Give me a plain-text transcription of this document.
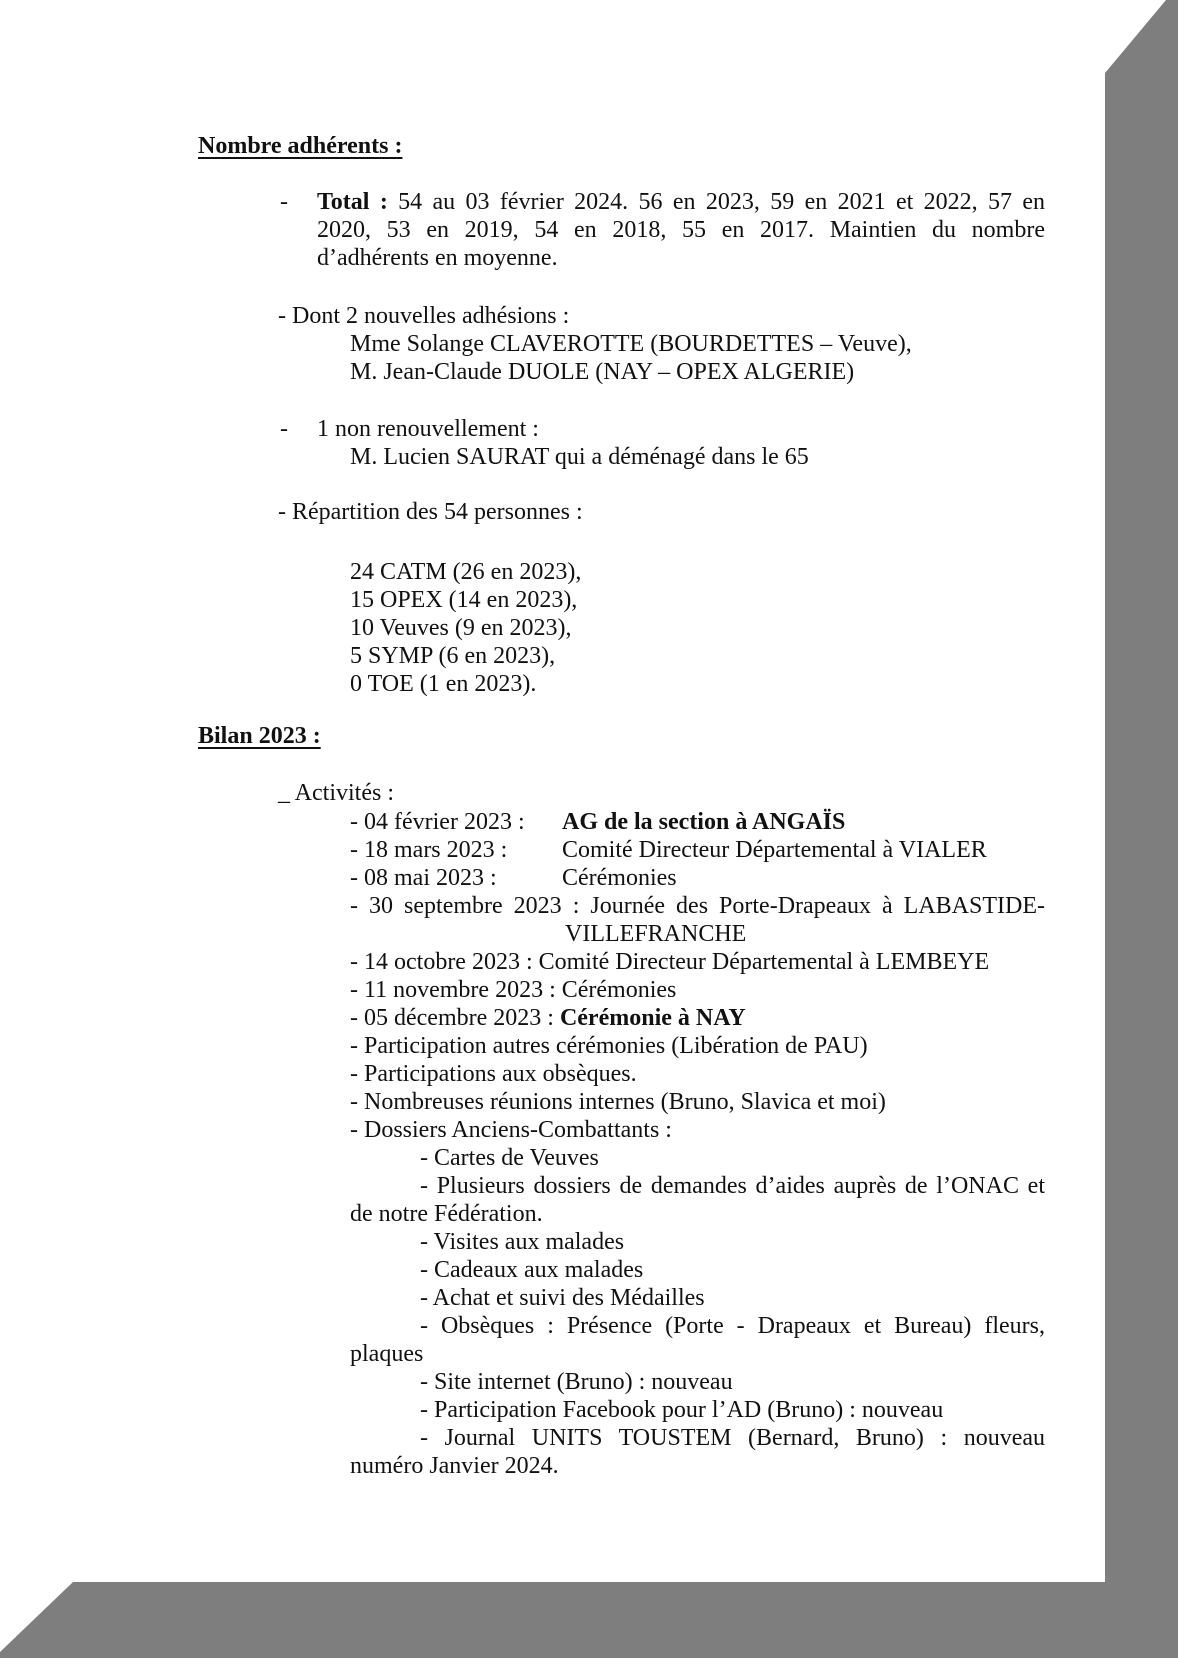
Nombre adhérents :
- Total : 54 au 03 février 2024. 56 en 2023, 59 en 2021 et 2022, 57 en
2020, 53 en 2019, 54 en 2018, 55 en 2017. Maintien du nombre
d’adhérents en moyenne.
- Dont 2 nouvelles adhésions :
Mme Solange CLAVEROTTE (BOURDETTES – Veuve),
M. Jean-Claude DUOLE (NAY – OPEX ALGERIE)
- 1 non renouvellement :
M. Lucien SAURAT qui a déménagé dans le 65
- Répartition des 54 personnes :
24 CATM (26 en 2023),
15 OPEX (14 en 2023),
10 Veuves (9 en 2023),
5 SYMP (6 en 2023),
0 TOE (1 en 2023).
Bilan 2023 :
_ Activités :
- 04 février 2023 :	AG de la section à ANGAÏS
- 18 mars 2023 :	Comité Directeur Départemental à VIALER
- 08 mai 2023 :	Cérémonies
- 30 septembre 2023 : Journée des Porte-Drapeaux à LABASTIDE-
VILLEFRANCHE
- 14 octobre 2023 : Comité Directeur Départemental à LEMBEYE
- 11 novembre 2023 : Cérémonies
- 05 décembre 2023 : Cérémonie à NAY
- Participation autres cérémonies (Libération de PAU)
- Participations aux obsèques.
- Nombreuses réunions internes (Bruno, Slavica et moi)
- Dossiers Anciens-Combattants :
- Cartes de Veuves
- Plusieurs dossiers de demandes d’aides auprès de l’ONAC et
de notre Fédération.
- Visites aux malades
- Cadeaux aux malades
- Achat et suivi des Médailles
- Obsèques : Présence (Porte - Drapeaux et Bureau) fleurs,
plaques
- Site internet (Bruno) : nouveau
- Participation Facebook pour l’AD (Bruno) : nouveau
- Journal UNITS TOUSTEM (Bernard, Bruno) : nouveau
numéro Janvier 2024.
